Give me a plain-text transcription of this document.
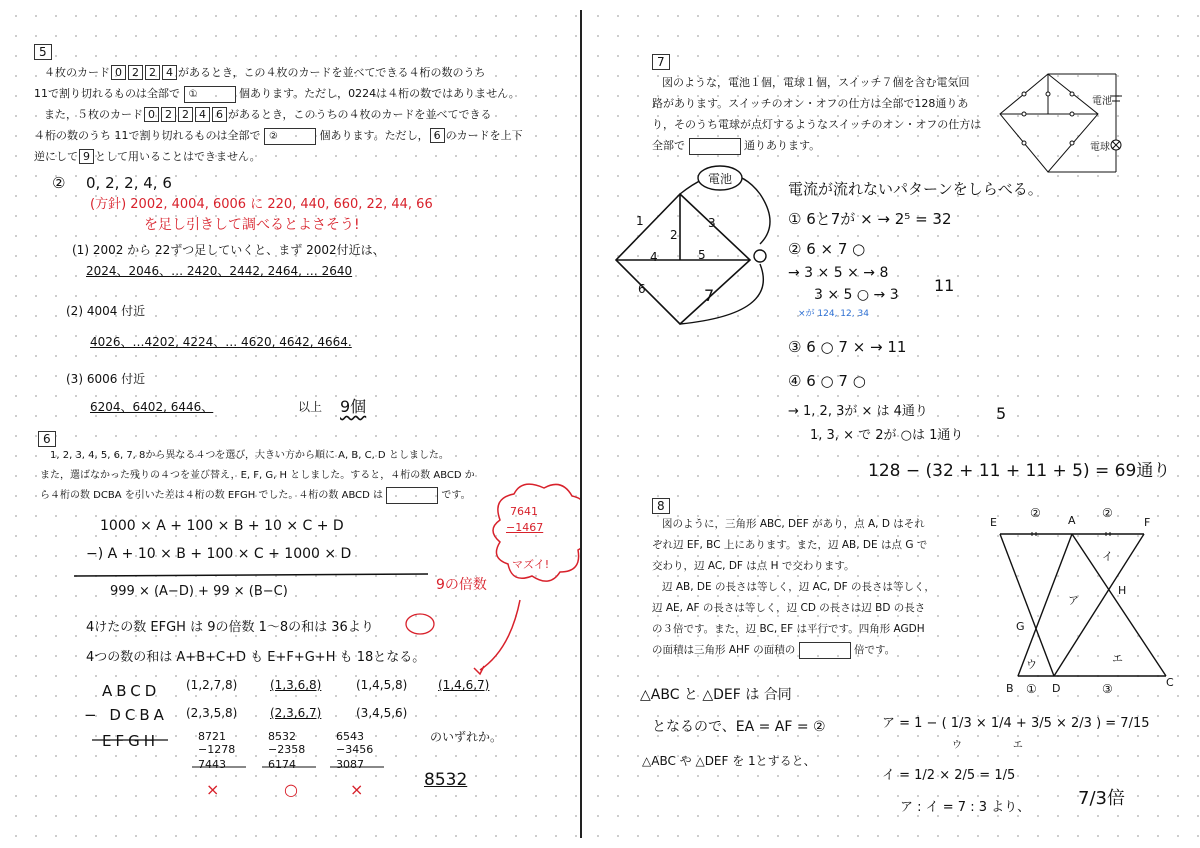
5
４枚のカード 0 2 2 4 があるとき，この４枚のカードを並べてできる４桁の数のうち
11で割り切れるものは全部で ①	個あります。ただし，0224は４桁の数ではありません。
また，５枚のカード 0 2 2 4 6 があるとき，このうちの４枚のカードを並べてできる
４桁の数のうち 11で割り切れるものは全部で ②	個あります。ただし， 6 のカードを上下
逆にして 9 として用いることはできません。
② 0, 2, 2, 4, 6
(方針) 2002, 4004, 6006 に 220, 440, 660, 22, 44, 66
を足し引きして調べるとよさそう!
(1) 2002 から 22ずつ足していくと、まず 2002付近は、
2024、2046、… 2420、2442, 2464, … 2640
(2) 4004 付近
4026、…4202, 4224、… 4620, 4642, 4664.
(3) 6006 付近
6204、6402, 6446、	以上 9個
6
1, 2, 3, 4, 5, 6, 7, 8から異なる４つを選び，大きい方から順に A, B, C, D としました。
また，選ばなかった残りの４つを並び替え，E, F, G, H としました。すると，４桁の数 ABCD か
ら４桁の数 DCBA を引いた差は４桁の数 EFGH でした。４桁の数 ABCD は	です。
1000 × A + 100 × B + 10 × C + D
−) A + 10 × B + 100 × C + 1000 × D
7641
−1467
マズイ!
9の倍数
999 × (A−D) + 99 × (B−C)
4けたの数 EFGH は 9の倍数 1〜8の和は 36より
4つの数の和は A+B+C+D も E+F+G+H も 18となる。
ABCD
− DCBA
EFGH
(1,2,7,8)	(1,3,6,8)	(1,4,5,8)	(1,4,6,7)
(2,3,5,8)	(2,3,6,7)	(3,4,5,6)
のいずれか。
8721
−1278
7443
8532
−2358
6174
6543
−3456
3087
×	○	×	8532
7
図のような，電池１個，電球１個，スイッチ７個を含む電気回
路があります。スイッチのオン・オフの仕方は全部で128通りあ
り，そのうち電球が点灯するようなスイッチのオン・オフの仕方は
全部で	通りあります。
電池
電球
電池
1
2
3
4	5
6	7
電流が流れないパターンをしらべる。
① 6と7が × → 2⁵ = 32
② 6 × 7 ○
→ 3 × 5 × → 8
3 × 5 ○ → 3 11
×が 124, 12, 34
③ 6 ○ 7 × → 11
④ 6 ○ 7 ○
→ 1, 2, 3が × は 4通り
1, 3, × で 2が ○は 1通り
5
128 − (32 + 11 + 11 + 5) = 69通り
8
図のように，三角形 ABC, DEF があり，点 A, D はそれ
ぞれ辺 EF, BC 上にあります。また，辺 AB, DE は点 G で
交わり，辺 AC, DF は点 H で交わります。
辺 AB, DE の長さは等しく，辺 AC, DF の長さは等しく，
辺 AE, AF の長さは等しく，辺 CD の長さは辺 BD の長さ
の３倍です。また，辺 BC, EF は平行です。四角形 AGDH
の面積は三角形 AHF の面積の	倍です。
E	A	F
B	D	C
G
H
ア
イ
ウ	エ
②	②
①	③
△ABC と △DEF は 合同
となるので、EA = AF = ②
△ABC や △DEF を 1とすると、
ア = 1 − ( 1/3 × 1/4 + 3/5 × 2/3 ) = 7/15
ウ                エ
イ = 1/2 × 2/5 = 1/5
ア : イ = 7 : 3 より、	7/3倍
